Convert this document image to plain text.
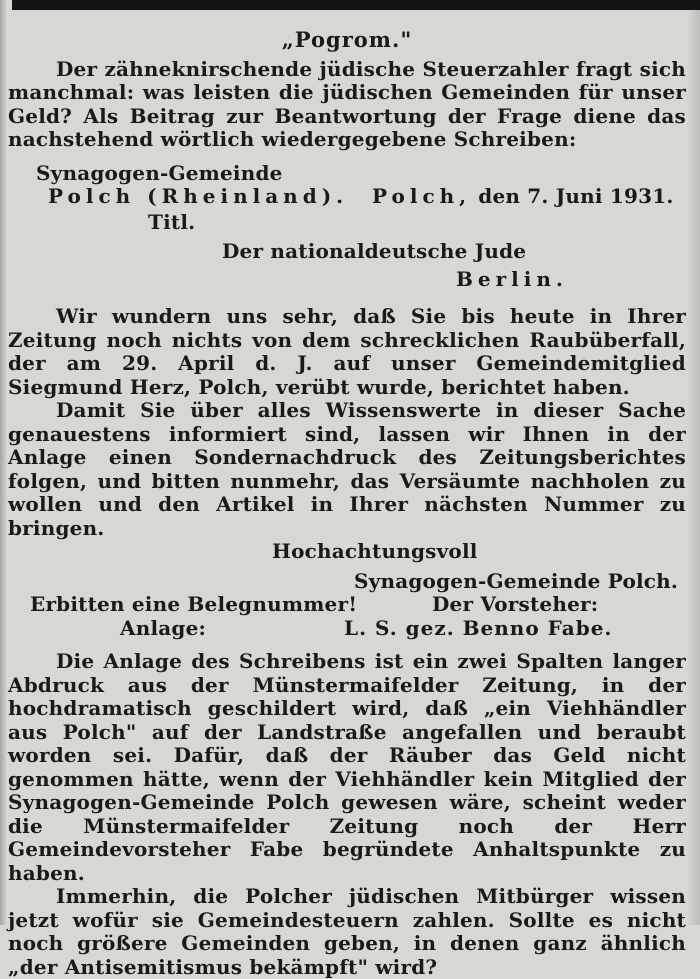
„Pogrom."

Der zähneknirschende jüdische Steuerzahler fragt sich manchmal: was leisten die jüdischen Gemeinden für unser Geld? Als Beitrag zur Beantwortung der Frage diene das nachstehend wörtlich wiedergegebene Schreiben:

Synagogen-Gemeinde
Polch (Rheinland). Polch, den 7. Juni 1931.
Titl.
Der nationaldeutsche Jude
Berlin.

Wir wundern uns sehr, daß Sie bis heute in Ihrer Zeitung noch nichts von dem schrecklichen Raubüberfall, der am 29. April d. J. auf unser Gemeindemitglied Siegmund Herz, Polch, verübt wurde, berichtet haben.

Damit Sie über alles Wissenswerte in dieser Sache genauestens informiert sind, lassen wir Ihnen in der Anlage einen Sondernachdruck des Zeitungsberichtes folgen, und bitten nunmehr, das Versäumte nachholen zu wollen und den Artikel in Ihrer nächsten Nummer zu bringen.

Hochachtungsvoll
Synagogen-Gemeinde Polch.
Erbitten eine Belegnummer!	Der Vorsteher:
Anlage:	L. S. gez. Benno Fabe.

Die Anlage des Schreibens ist ein zwei Spalten langer Abdruck aus der Münstermaifelder Zeitung, in der hochdramatisch geschildert wird, daß „ein Viehhändler aus Polch" auf der Landstraße angefallen und beraubt worden sei. Dafür, daß der Räuber das Geld nicht genommen hätte, wenn der Viehhändler kein Mitglied der Synagogen-Gemeinde Polch gewesen wäre, scheint weder die Münstermaifelder Zeitung noch der Herr Gemeindevorsteher Fabe begründete Anhaltspunkte zu haben.

Immerhin, die Polcher jüdischen Mitbürger wissen jetzt wofür sie Gemeindesteuern zahlen. Sollte es nicht noch größere Gemeinden geben, in denen ganz ähnlich „der Antisemitismus bekämpft" wird?
